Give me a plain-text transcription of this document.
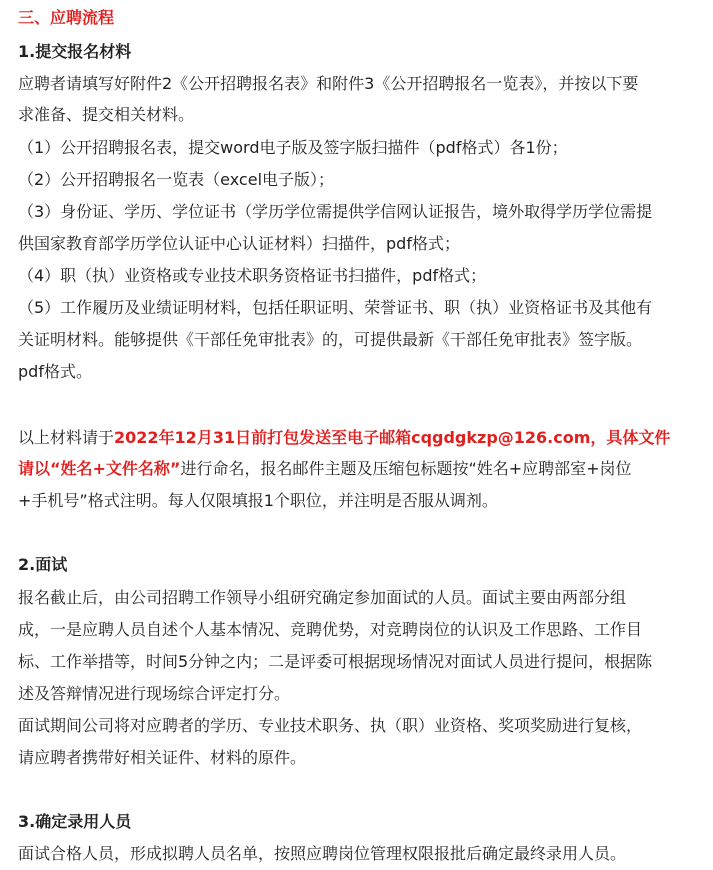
三、应聘流程
1.提交报名材料
应聘者请填写好附件2《公开招聘报名表》和附件3《公开招聘报名一览表》，并按以下要
求准备、提交相关材料。
（1）公开招聘报名表，提交word电子版及签字版扫描件（pdf格式）各1份；
（2）公开招聘报名一览表（excel电子版）；
（3）身份证、学历、学位证书（学历学位需提供学信网认证报告，境外取得学历学位需提
供国家教育部学历学位认证中心认证材料）扫描件，pdf格式；
（4）职（执）业资格或专业技术职务资格证书扫描件，pdf格式；
（5）工作履历及业绩证明材料，包括任职证明、荣誉证书、职（执）业资格证书及其他有
关证明材料。能够提供《干部任免审批表》的，可提供最新《干部任免审批表》签字版。
pdf格式。
以上材料请于2022年12月31日前打包发送至电子邮箱cqgdgkzp@126.com，具体文件
请以“姓名+文件名称”进行命名，报名邮件主题及压缩包标题按“姓名+应聘部室+岗位
+手机号”格式注明。每人仅限填报1个职位，并注明是否服从调剂。
2.面试
报名截止后，由公司招聘工作领导小组研究确定参加面试的人员。面试主要由两部分组
成，一是应聘人员自述个人基本情况、竞聘优势，对竞聘岗位的认识及工作思路、工作目
标、工作举措等，时间5分钟之内；二是评委可根据现场情况对面试人员进行提问，根据陈
述及答辩情况进行现场综合评定打分。
面试期间公司将对应聘者的学历、专业技术职务、执（职）业资格、奖项奖励进行复核，
请应聘者携带好相关证件、材料的原件。
3.确定录用人员
面试合格人员，形成拟聘人员名单，按照应聘岗位管理权限报批后确定最终录用人员。
